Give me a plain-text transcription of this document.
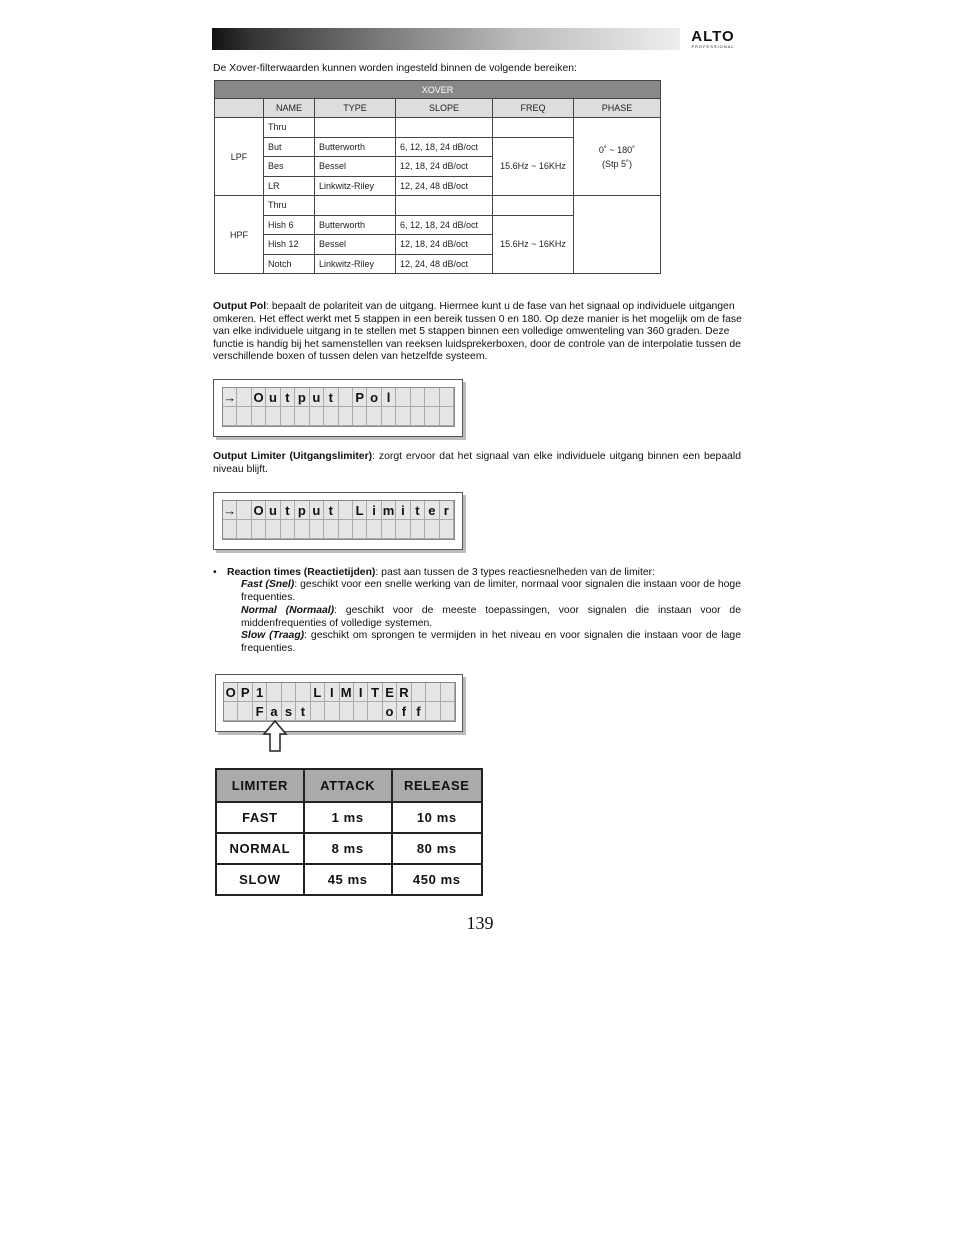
ALTO
PROFESSIONAL
De Xover-filterwaarden kunnen worden ingesteld binnen de volgende bereiken:
XOVER					
	NAME	TYPE	SLOPE	FREQ	PHASE
LPF	Thru				0˚ ~ 180˚
(Stp 5˚)

	But	Butterworth	6, 12, 18, 24 dB/oct	15.6Hz ~ 16KHz	
	Bes	Bessel	12, 18, 24 dB/oct		
	LR	Linkwitz-Riley	12, 24, 48 dB/oct		
HPF	Thru				
	Hish 6	Butterworth	6, 12, 18, 24 dB/oct	15.6Hz ~ 16KHz	
	Hish 12	Bessel	12, 18, 24 dB/oct		
	Notch	Linkwitz-Riley	12, 24, 48 dB/oct		
Output Pol: bepaalt de polariteit van de uitgang. Hiermee kunt u de fase van het signaal op individuele uitgangen omkeren. Het effect werkt met 5 stappen in een bereik tussen 0 en 180. Op deze manier is het mogelijk om de fase van elke individuele uitgang in te stellen met 5 stappen binnen een volledige omwenteling van 360 graden. Deze functie is handig bij het samenstellen van reeksen luidsprekerboxen, door de controle van de interpolatie tussen de verschillende boxen of tussen delen van hetzelfde systeem.
→ O u t p u t	P o l
Output Limiter (Uitgangslimiter): zorgt ervoor dat het signaal van elke individuele uitgang binnen een bepaald niveau blijft.
→ O u t p u t	L i m i t e r
• Reaction times (Reactietijden): past aan tussen de 3 types reactiesnelheden van de limiter:
Fast (Snel): geschikt voor een snelle werking van de limiter, normaal voor signalen die instaan voor de hoge frequenties.
Normal (Normaal): geschikt voor de meeste toepassingen, voor signalen die instaan voor de middenfrequenties of volledige systemen.
Slow (Traag): geschikt om sprongen te vermijden in het niveau en voor signalen die instaan voor de lage frequenties.
O P 1	L I M I T E R
F a s t	o f f
LIMITER	ATTACK	RELEASE
FAST	1 ms	10 ms
NORMAL	8 ms	80 ms
SLOW	45 ms	450 ms
139
